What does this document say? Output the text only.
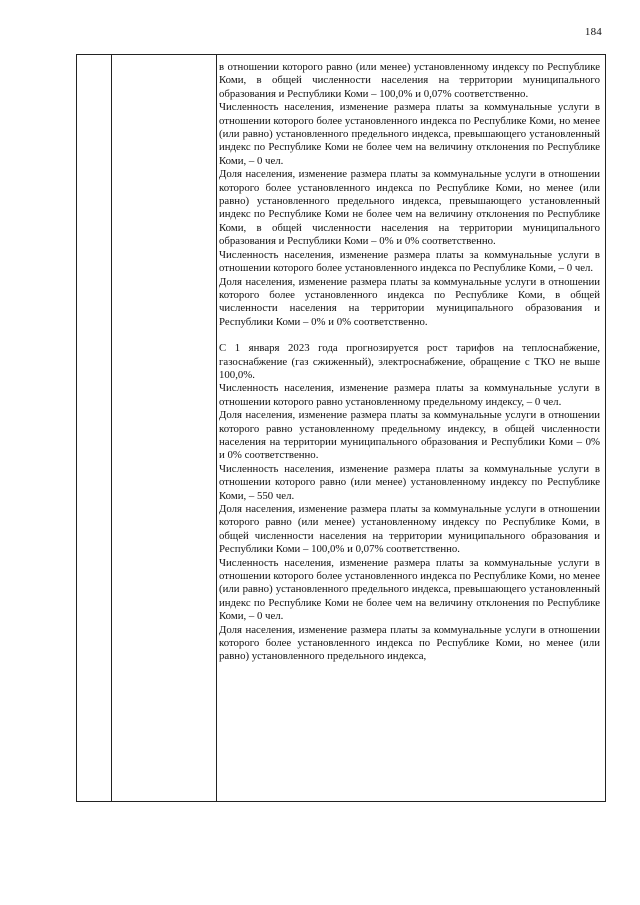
184

в отношении которого равно (или менее) установленному индексу по Республике Коми, в общей численности населения на территории муниципального образования и Республики Коми – 100,0% и 0,07% соответственно.

Численность населения, изменение размера платы за коммунальные услуги в отношении которого более установленного индекса по Республике Коми, но менее (или равно) установленного предельного индекса, превышающего установленный индекс по Республике Коми не более чем на величину отклонения по Республике Коми, – 0 чел.

Доля населения, изменение размера платы за коммунальные услуги в отношении которого более установленного индекса по Республике Коми, но менее (или равно) установленного предельного индекса, превышающего установленный индекс по Республике Коми не более чем на величину отклонения по Республике Коми, в общей численности населения на территории муниципального образования и Республики Коми – 0% и 0% соответственно.

Численность населения, изменение размера платы за коммунальные услуги в отношении которого более установленного индекса по Республике Коми, – 0 чел.

Доля населения, изменение размера платы за коммунальные услуги в отношении которого более установленного индекса по Республике Коми, в общей численности населения на территории муниципального образования и Республики Коми – 0% и 0% соответственно.

С 1 января 2023 года прогнозируется рост тарифов на теплоснабжение, газоснабжение (газ сжиженный), электроснабжение, обращение с ТКО не выше 100,0%.

Численность населения, изменение размера платы за коммунальные услуги в отношении которого равно установленному предельному индексу, – 0 чел.

Доля населения, изменение размера платы за коммунальные услуги в отношении которого равно установленному предельному индексу, в общей численности населения на территории муниципального образования и Республики Коми – 0% и 0% соответственно.

Численность населения, изменение размера платы за коммунальные услуги в отношении которого равно (или менее) установленному индексу по Республике Коми, – 550 чел.

Доля населения, изменение размера платы за коммунальные услуги в отношении которого равно (или менее) установленному индексу по Республике Коми, в общей численности населения на территории муниципального образования и Республики Коми – 100,0% и 0,07% соответственно.

Численность населения, изменение размера платы за коммунальные услуги в отношении которого более установленного индекса по Республике Коми, но менее (или равно) установленного предельного индекса, превышающего установленный индекс по Республике Коми не более чем на величину отклонения по Республике Коми, – 0 чел.

Доля населения, изменение размера платы за коммунальные услуги в отношении которого более установленного индекса по Республике Коми, но менее (или равно) установленного предельного индекса,
